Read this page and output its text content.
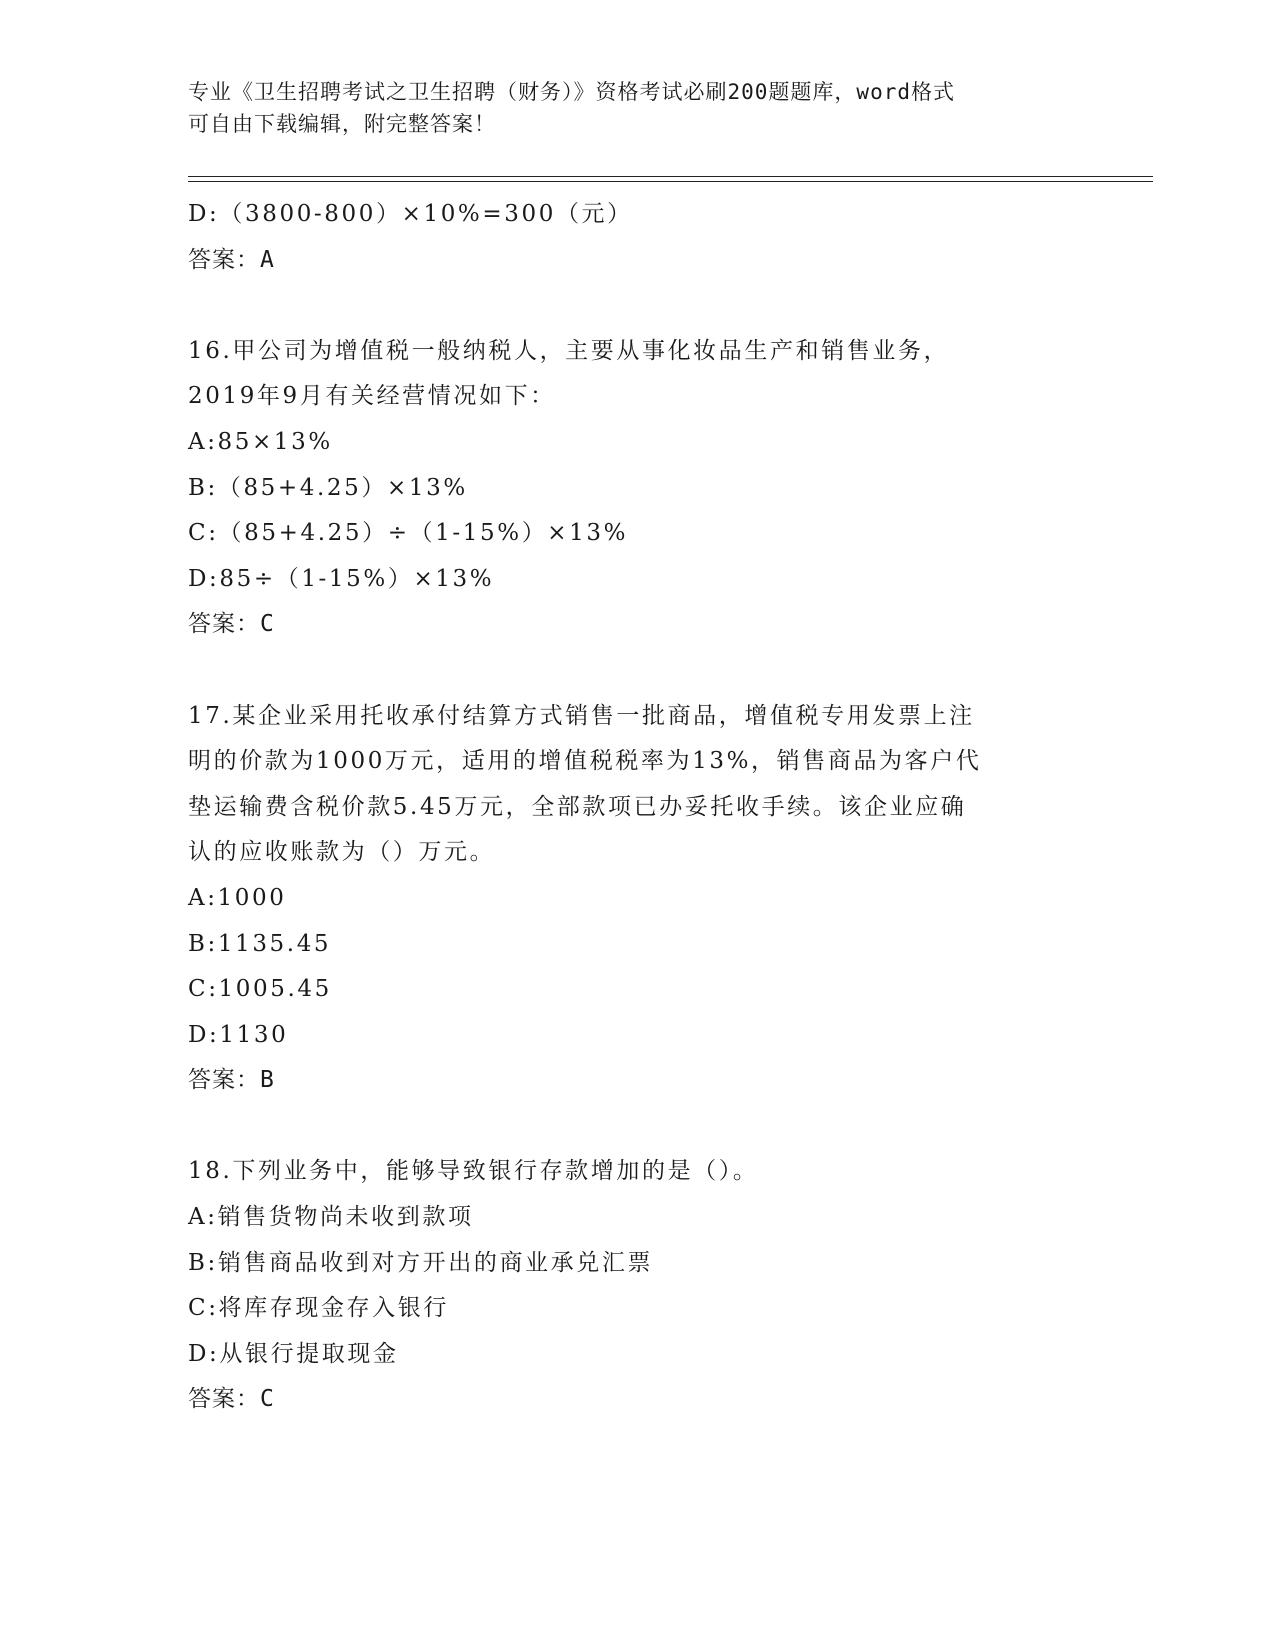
专业《卫生招聘考试之卫生招聘（财务）》资格考试必刷200题题库，word格式
可自由下载编辑，附完整答案！
D:（3800-800）×10%=300（元）
答案：A
16.甲公司为增值税一般纳税人，主要从事化妆品生产和销售业务，
2019年9月有关经营情况如下：
A:85×13%
B:（85+4.25）×13%
C:（85+4.25）÷（1-15%）×13%
D:85÷（1-15%）×13%
答案：C
17.某企业采用托收承付结算方式销售一批商品，增值税专用发票上注
明的价款为1000万元，适用的增值税税率为13%，销售商品为客户代
垫运输费含税价款5.45万元，全部款项已办妥托收手续。该企业应确
认的应收账款为（）万元。
A:1000
B:1135.45
C:1005.45
D:1130
答案：B
18.下列业务中，能够导致银行存款增加的是（）。
A:销售货物尚未收到款项
B:销售商品收到对方开出的商业承兑汇票
C:将库存现金存入银行
D:从银行提取现金
答案：C
